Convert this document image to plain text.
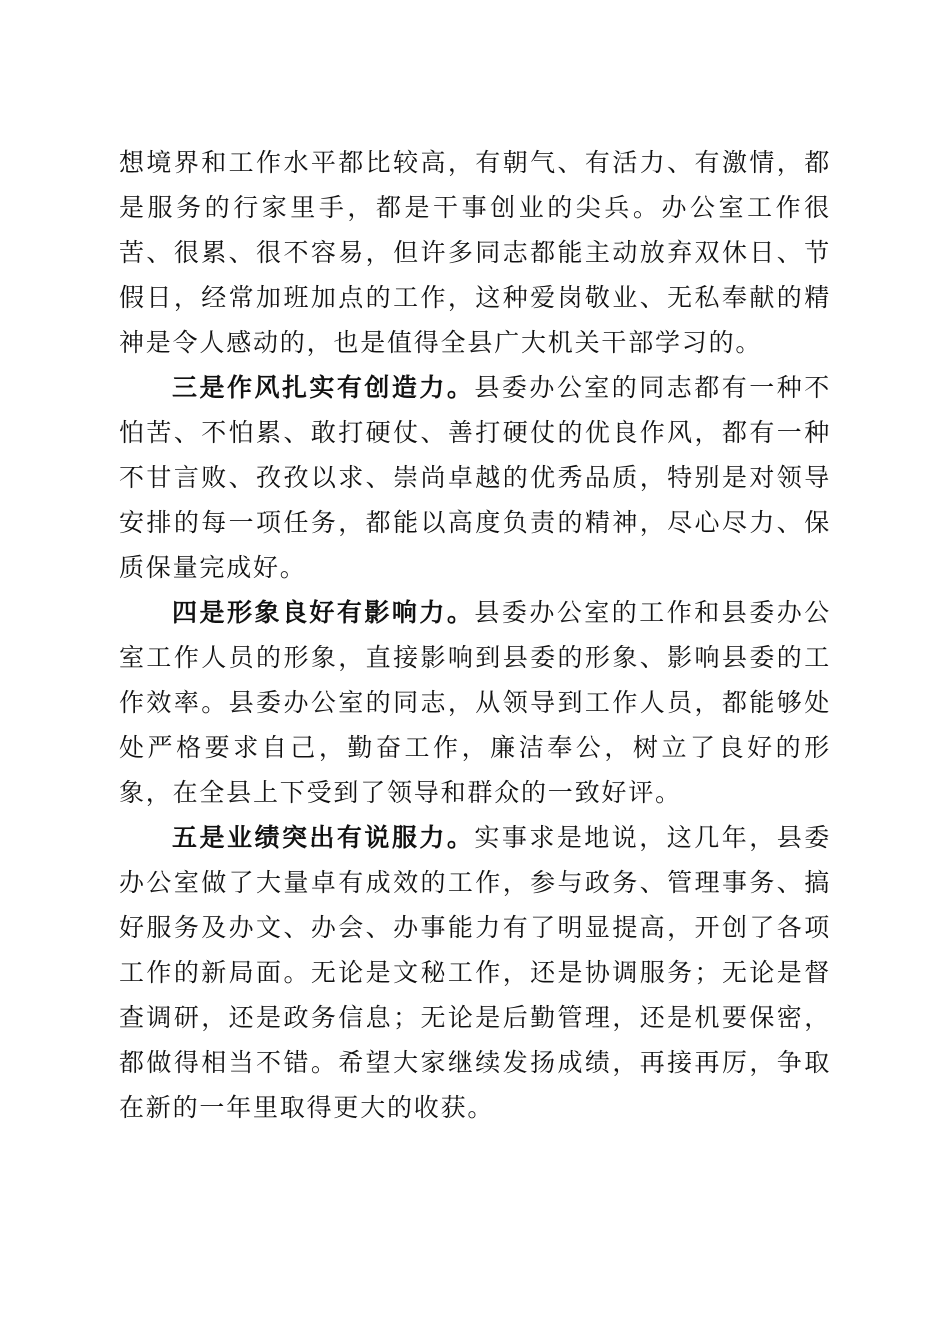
想境界和工作水平都比较高，有朝气、有活力、有激情，都是服务的行家里手，都是干事创业的尖兵。办公室工作很苦、很累、很不容易，但许多同志都能主动放弃双休日、节假日，经常加班加点的工作，这种爱岗敬业、无私奉献的精神是令人感动的，也是值得全县广大机关干部学习的。

三是作风扎实有创造力。县委办公室的同志都有一种不怕苦、不怕累、敢打硬仗、善打硬仗的优良作风，都有一种不甘言败、孜孜以求、崇尚卓越的优秀品质，特别是对领导安排的每一项任务，都能以高度负责的精神，尽心尽力、保质保量完成好。

四是形象良好有影响力。县委办公室的工作和县委办公室工作人员的形象，直接影响到县委的形象、影响县委的工作效率。县委办公室的同志，从领导到工作人员，都能够处处严格要求自己，勤奋工作，廉洁奉公，树立了良好的形象，在全县上下受到了领导和群众的一致好评。

五是业绩突出有说服力。实事求是地说，这几年，县委办公室做了大量卓有成效的工作，参与政务、管理事务、搞好服务及办文、办会、办事能力有了明显提高，开创了各项工作的新局面。无论是文秘工作，还是协调服务；无论是督查调研，还是政务信息；无论是后勤管理，还是机要保密，都做得相当不错。希望大家继续发扬成绩，再接再厉，争取在新的一年里取得更大的收获。
